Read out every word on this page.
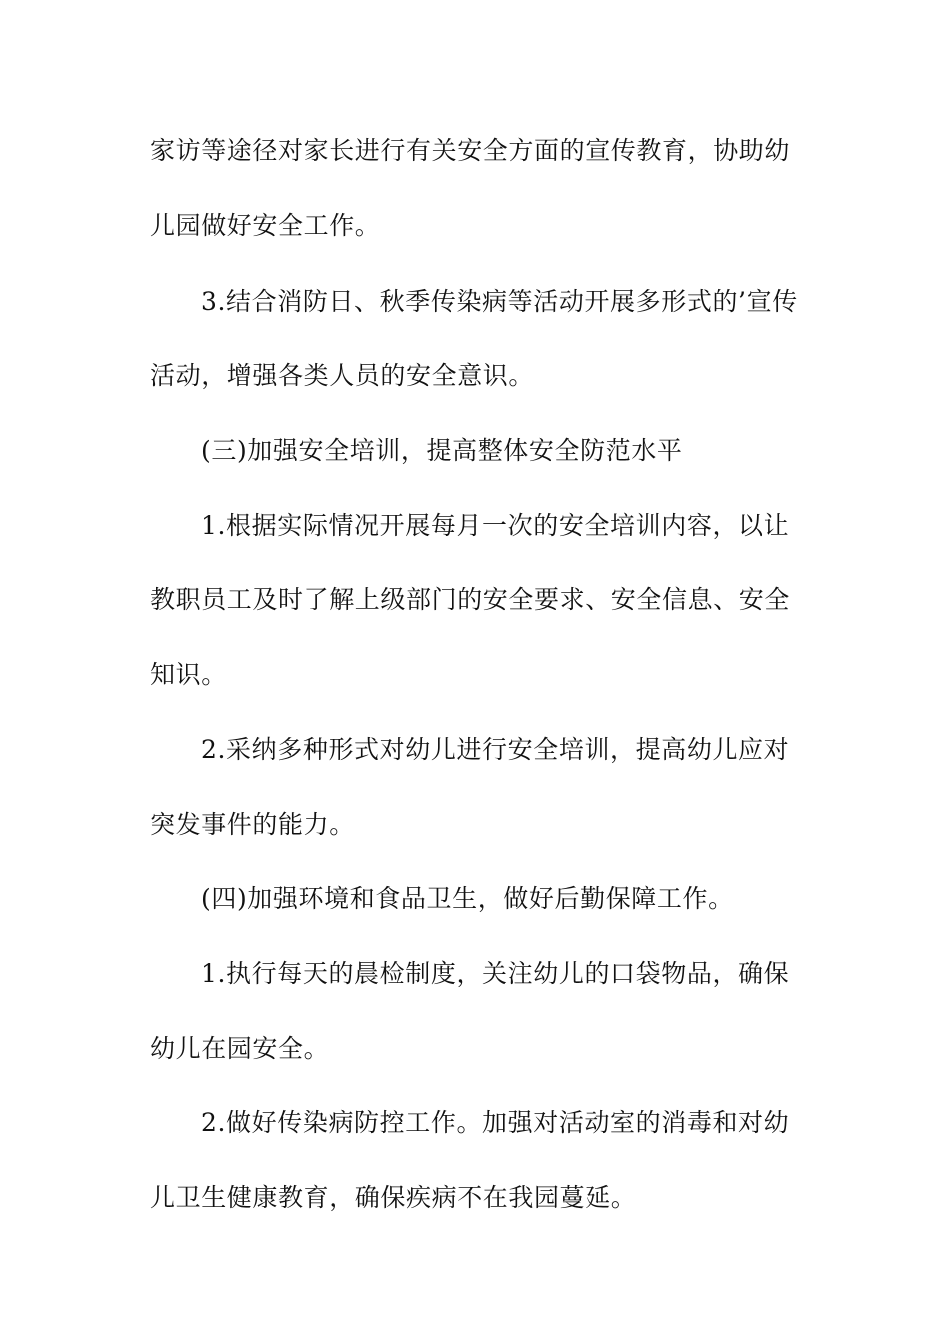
家访等途径对家长进行有关安全方面的宣传教育，协助幼
儿园做好安全工作。
3.结合消防日、秋季传染病等活动开展多形式的’宣传
活动，增强各类人员的安全意识。
(三)加强安全培训，提高整体安全防范水平
1.根据实际情况开展每月一次的安全培训内容，以让
教职员工及时了解上级部门的安全要求、安全信息、安全
知识。
2.采纳多种形式对幼儿进行安全培训，提高幼儿应对
突发事件的能力。
(四)加强环境和食品卫生，做好后勤保障工作。
1.执行每天的晨检制度，关注幼儿的口袋物品，确保
幼儿在园安全。
2.做好传染病防控工作。加强对活动室的消毒和对幼
儿卫生健康教育，确保疾病不在我园蔓延。
